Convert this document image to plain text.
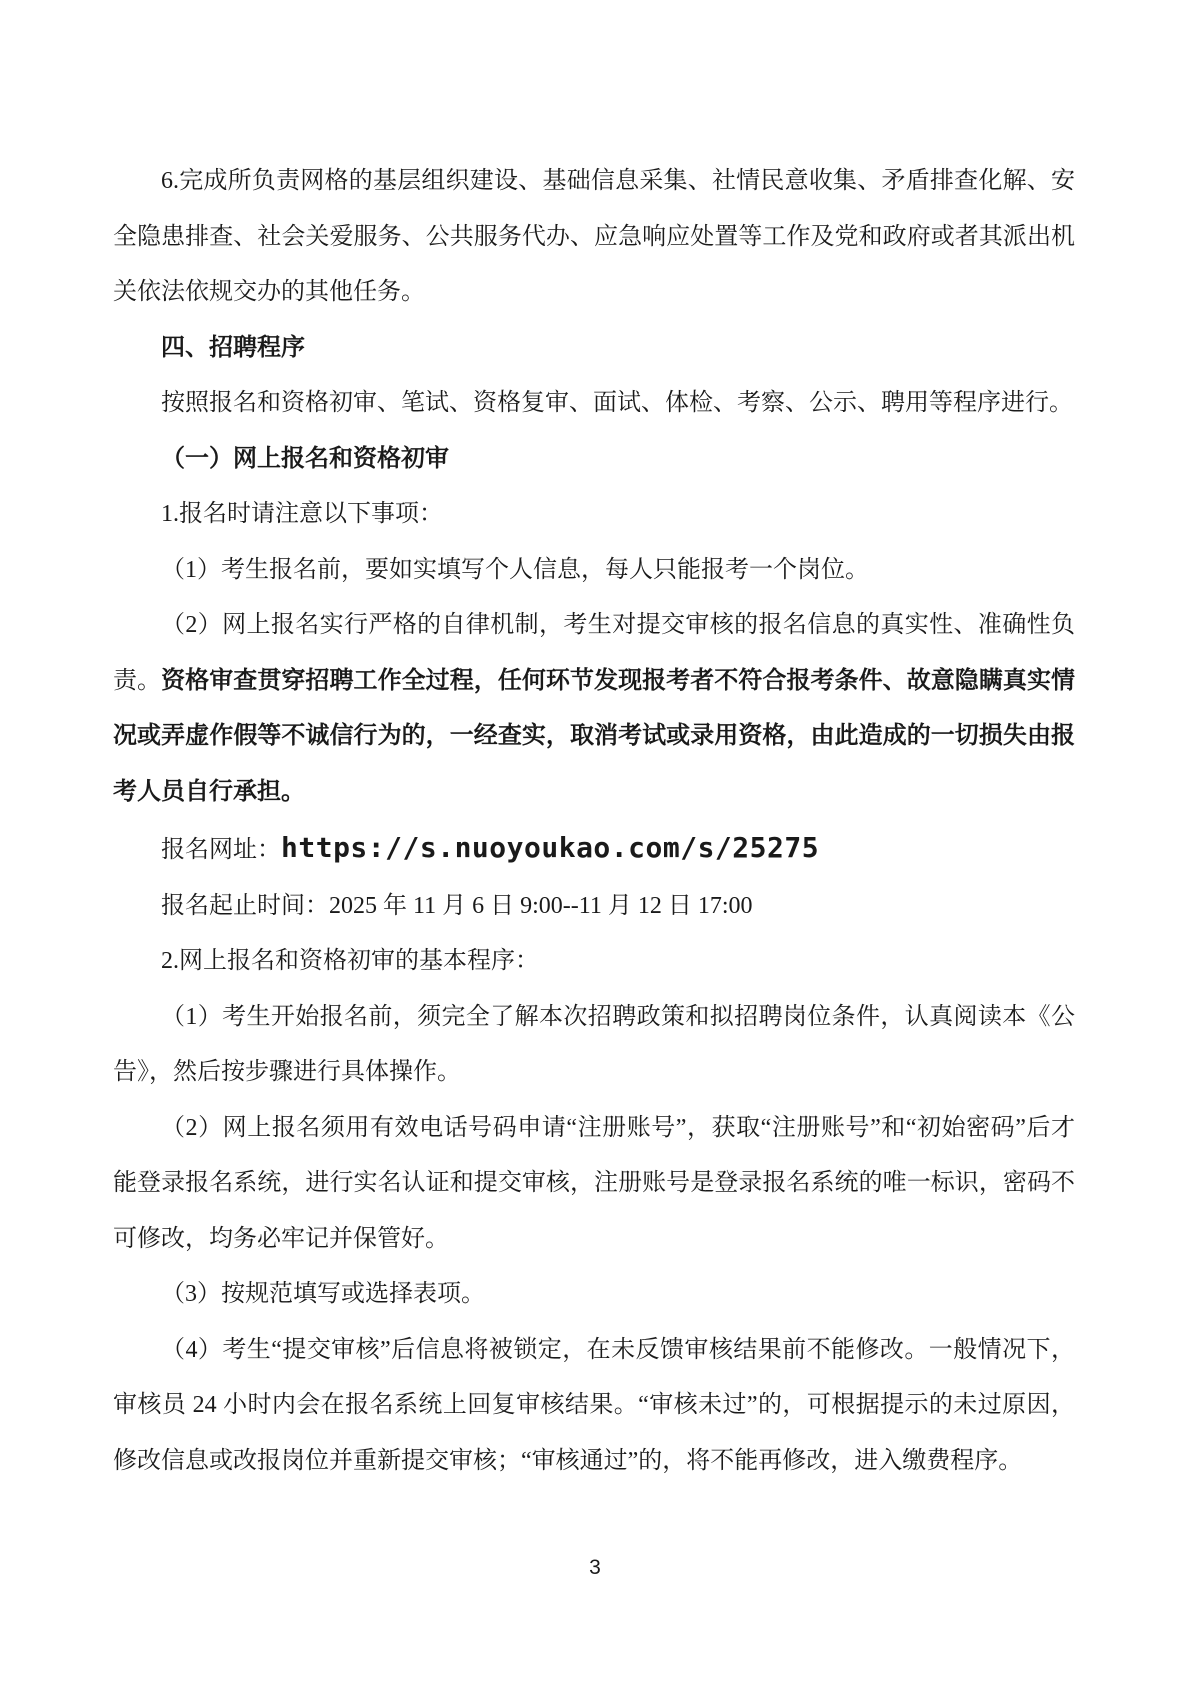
6.完成所负责网格的基层组织建设、基础信息采集、社情民意收集、矛盾排查化解、安全隐患排查、社会关爱服务、公共服务代办、应急响应处置等工作及党和政府或者其派出机关依法依规交办的其他任务。

四、招聘程序

按照报名和资格初审、笔试、资格复审、面试、体检、考察、公示、聘用等程序进行。

（一）网上报名和资格初审

1.报名时请注意以下事项：

（1）考生报名前，要如实填写个人信息，每人只能报考一个岗位。

（2）网上报名实行严格的自律机制，考生对提交审核的报名信息的真实性、准确性负责。资格审查贯穿招聘工作全过程，任何环节发现报考者不符合报考条件、故意隐瞒真实情况或弄虚作假等不诚信行为的，一经查实，取消考试或录用资格，由此造成的一切损失由报考人员自行承担。

报名网址：https://s.nuoyoukao.com/s/25275

报名起止时间：2025 年 11 月 6 日 9:00--11 月 12 日 17:00

2.网上报名和资格初审的基本程序：

（1）考生开始报名前，须完全了解本次招聘政策和拟招聘岗位条件，认真阅读本《公告》，然后按步骤进行具体操作。

（2）网上报名须用有效电话号码申请“注册账号”，获取“注册账号”和“初始密码”后才能登录报名系统，进行实名认证和提交审核，注册账号是登录报名系统的唯一标识，密码不可修改，均务必牢记并保管好。

（3）按规范填写或选择表项。

（4）考生“提交审核”后信息将被锁定，在未反馈审核结果前不能修改。一般情况下，审核员 24 小时内会在报名系统上回复审核结果。“审核未过”的，可根据提示的未过原因，修改信息或改报岗位并重新提交审核；“审核通过”的，将不能再修改，进入缴费程序。

3
